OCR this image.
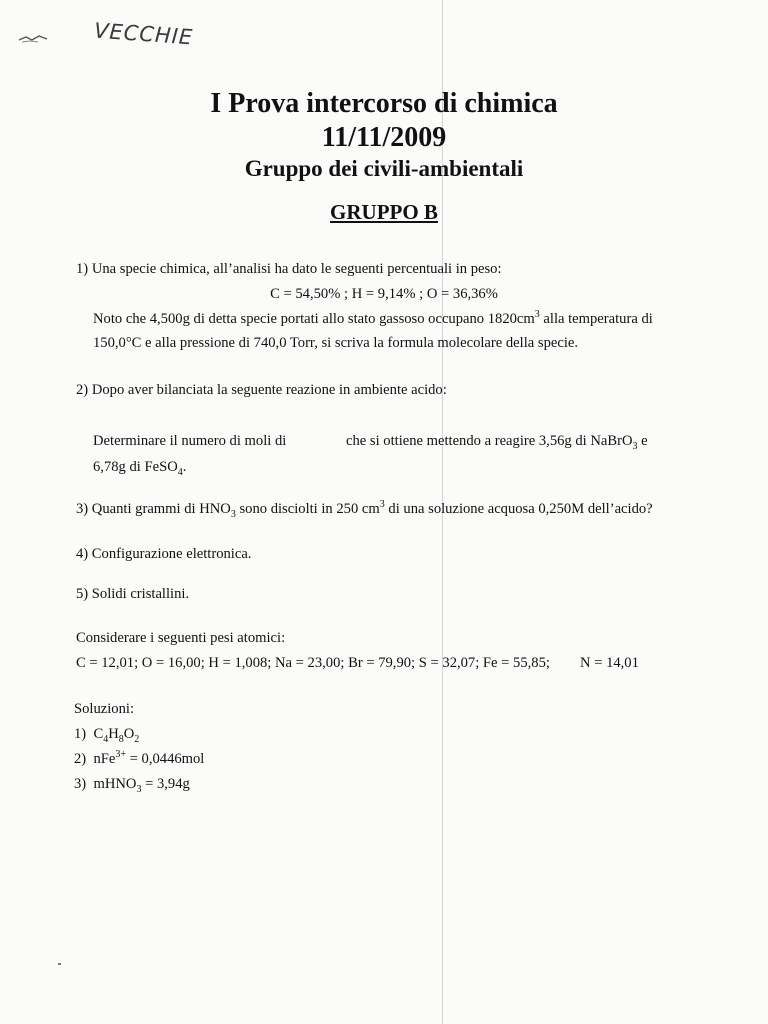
VECCHIE
I Prova intercorso di chimica
11/11/2009
Gruppo dei civili-ambientali
GRUPPO B
1) Una specie chimica, all’analisi ha dato le seguenti percentuali in peso:
C = 54,50% ; H = 9,14% ; O = 36,36%
Noto che 4,500g di detta specie portati allo stato gassoso occupano $1820cm^3$ alla temperatura di
150,0°C e alla pressione di 740,0 Torr, si scriva la formula molecolare della specie.
2) Dopo aver bilanciata la seguente reazione in ambiente acido:
Determinare il numero di moli di	che si ottiene mettendo a reagire 3,56g di NaBrO$_3$ e
6,78g di FeSO$_4$.
3) Quanti grammi di $HNO_3$ sono disciolti in 250 $cm^3$ di una soluzione acquosa 0,250M dell’acido?
4) Configurazione elettronica.
5) Solidi cristallini.
Considerare i seguenti pesi atomici:
C = 12,01; O = 16,00; H = 1,008; Na = 23,00; Br = 79,90; S = 32,07; Fe = 55,85; N = 14,01
Soluzioni:
1) $C_4H_8O_2$
2) nFe$^{3+}$ = 0,0446mol
3) mHNO$_3$ = 3,94g
